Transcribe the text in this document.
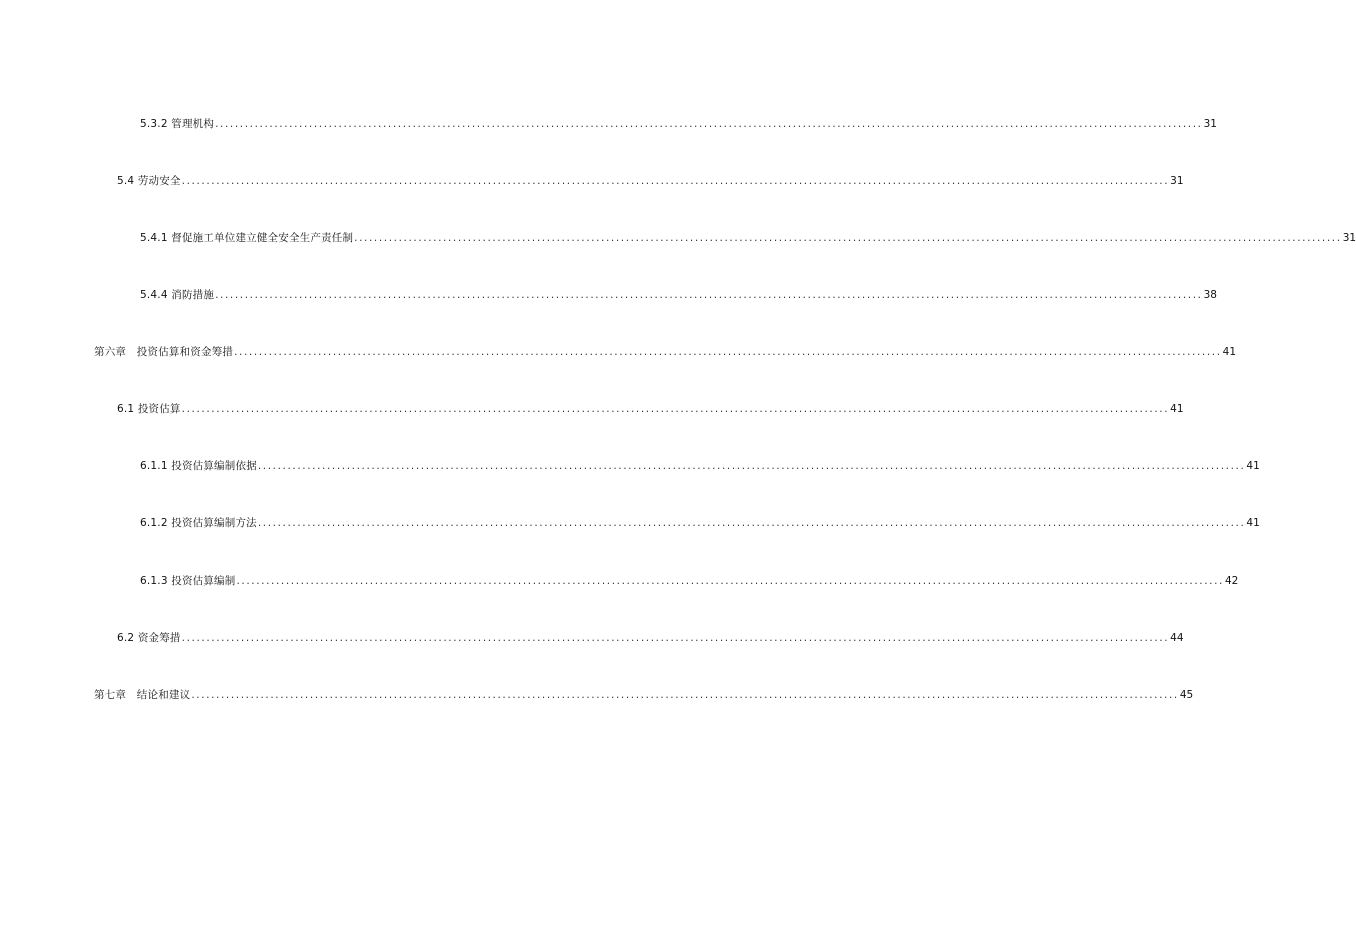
5.3.2 管理机构 ........................................................................................................................................................................................................ 31
5.4 劳动安全 ........................................................................................................................................................................................................ 31
5.4.1 督促施工单位建立健全安全生产责任制 ........................................................................................................................................................................................................ 31
5.4.4 消防措施 ........................................................................................................................................................................................................ 38
第六章　投资估算和资金筹措 ........................................................................................................................................................................................................ 41
6.1 投资估算 ........................................................................................................................................................................................................ 41
6.1.1 投资估算编制依据 ........................................................................................................................................................................................................ 41
6.1.2 投资估算编制方法 ........................................................................................................................................................................................................ 41
6.1.3 投资估算编制 ........................................................................................................................................................................................................ 42
6.2 资金筹措 ........................................................................................................................................................................................................ 44
第七章　结论和建议 ........................................................................................................................................................................................................ 45
